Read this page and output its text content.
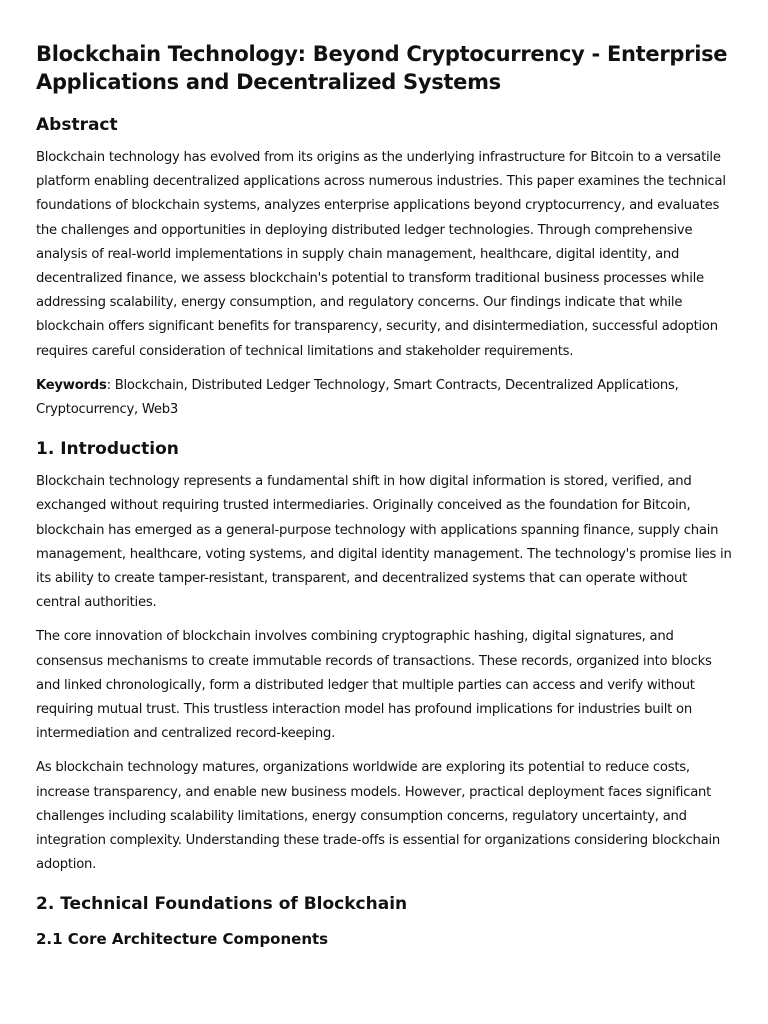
Blockchain Technology: Beyond Cryptocurrency - Enterprise Applications and Decentralized Systems
Abstract

Blockchain technology has evolved from its origins as the underlying infrastructure for Bitcoin to a versatile platform enabling decentralized applications across numerous industries. This paper examines the technical foundations of blockchain systems, analyzes enterprise applications beyond cryptocurrency, and evaluates the challenges and opportunities in deploying distributed ledger technologies. Through comprehensive analysis of real-world implementations in supply chain management, healthcare, digital identity, and decentralized finance, we assess blockchain's potential to transform traditional business processes while addressing scalability, energy consumption, and regulatory concerns. Our findings indicate that while blockchain offers significant benefits for transparency, security, and disintermediation, successful adoption requires careful consideration of technical limitations and stakeholder requirements.

Keywords: Blockchain, Distributed Ledger Technology, Smart Contracts, Decentralized Applications, Cryptocurrency, Web3

1. Introduction

Blockchain technology represents a fundamental shift in how digital information is stored, verified, and exchanged without requiring trusted intermediaries. Originally conceived as the foundation for Bitcoin, blockchain has emerged as a general-purpose technology with applications spanning finance, supply chain management, healthcare, voting systems, and digital identity management. The technology's promise lies in its ability to create tamper-resistant, transparent, and decentralized systems that can operate without central authorities.

The core innovation of blockchain involves combining cryptographic hashing, digital signatures, and consensus mechanisms to create immutable records of transactions. These records, organized into blocks and linked chronologically, form a distributed ledger that multiple parties can access and verify without requiring mutual trust. This trustless interaction model has profound implications for industries built on intermediation and centralized record-keeping.

As blockchain technology matures, organizations worldwide are exploring its potential to reduce costs, increase transparency, and enable new business models. However, practical deployment faces significant challenges including scalability limitations, energy consumption concerns, regulatory uncertainty, and integration complexity. Understanding these trade-offs is essential for organizations considering blockchain adoption.

2. Technical Foundations of Blockchain
2.1 Core Architecture Components
